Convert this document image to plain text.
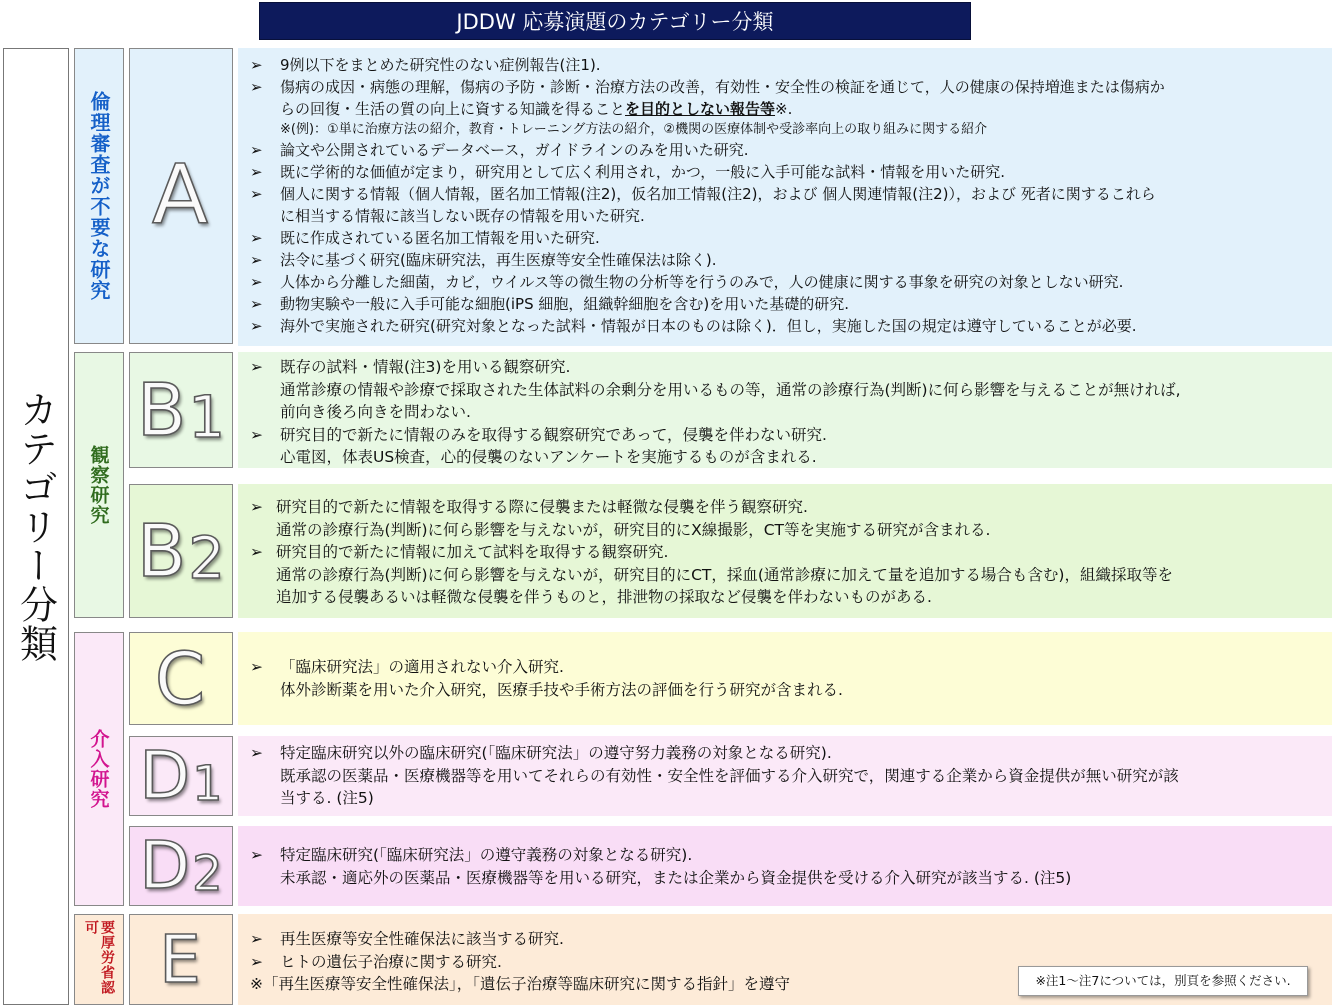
JDDW 応募演題のカテゴリー分類
カテゴリー分類
倫理審査が不要な研究
観察研究
介入研究
要厚労省認可
A
$B_1$
$B_2$
C
$D_1$
$D_2$
E
➢ 9例以下をまとめた研究性のない症例報告(注1).
➢ 傷病の成因・病態の理解，傷病の予防・診断・治療方法の改善，有効性・安全性の検証を通じて，人の健康の保持増進または傷病か
らの回復・生活の質の向上に資する知識を得ることを目的としない報告等※.
※(例)：①単に治療方法の紹介，教育・トレーニング方法の紹介，②機関の医療体制や受診率向上の取り組みに関する紹介
➢ 論文や公開されているデータベース，ガイドラインのみを用いた研究.
➢ 既に学術的な価値が定まり，研究用として広く利用され，かつ，一般に入手可能な試料・情報を用いた研究.
➢ 個人に関する情報（個人情報，匿名加工情報(注2)，仮名加工情報(注2)，および 個人関連情報(注2)），および 死者に関するこれら
に相当する情報に該当しない既存の情報を用いた研究.
➢ 既に作成されている匿名加工情報を用いた研究.
➢ 法令に基づく研究(臨床研究法，再生医療等安全性確保法は除く).
➢ 人体から分離した細菌，カビ，ウイルス等の微生物の分析等を行うのみで，人の健康に関する事象を研究の対象としない研究.
➢ 動物実験や一般に入手可能な細胞(iPS 細胞，組織幹細胞を含む)を用いた基礎的研究.
➢ 海外で実施された研究(研究対象となった試料・情報が日本のものは除く)．但し，実施した国の規定は遵守していることが必要.
➢ 既存の試料・情報(注3)を用いる観察研究.
通常診療の情報や診療で採取された生体試料の余剰分を用いるもの等，通常の診療行為(判断)に何ら影響を与えることが無ければ,
前向き後ろ向きを問わない.
➢ 研究目的で新たに情報のみを取得する観察研究であって，侵襲を伴わない研究.
心電図，体表US検査，心的侵襲のないアンケートを実施するものが含まれる.
➢ 研究目的で新たに情報を取得する際に侵襲または軽微な侵襲を伴う観察研究.
通常の診療行為(判断)に何ら影響を与えないが，研究目的にX線撮影，CT等を実施する研究が含まれる.
➢ 研究目的で新たに情報に加えて試料を取得する観察研究.
通常の診療行為(判断)に何ら影響を与えないが，研究目的にCT，採血(通常診療に加えて量を追加する場合も含む)，組織採取等を
追加する侵襲あるいは軽微な侵襲を伴うものと，排泄物の採取など侵襲を伴わないものがある.
➢ 「臨床研究法」の適用されない介入研究.
体外診断薬を用いた介入研究，医療手技や手術方法の評価を行う研究が含まれる.
➢ 特定臨床研究以外の臨床研究(「臨床研究法」の遵守努力義務の対象となる研究).
既承認の医薬品・医療機器等を用いてそれらの有効性・安全性を評価する介入研究で，関連する企業から資金提供が無い研究が該
当する. (注5)
➢ 特定臨床研究(「臨床研究法」の遵守義務の対象となる研究).
未承認・適応外の医薬品・医療機器等を用いる研究，または企業から資金提供を受ける介入研究が該当する. (注5)
➢ 再生医療等安全性確保法に該当する研究.
➢ ヒトの遺伝子治療に関する研究.
※「再生医療等安全性確保法」，「遺伝子治療等臨床研究に関する指針」を遵守	※注1〜注7については，別頁を参照ください.
